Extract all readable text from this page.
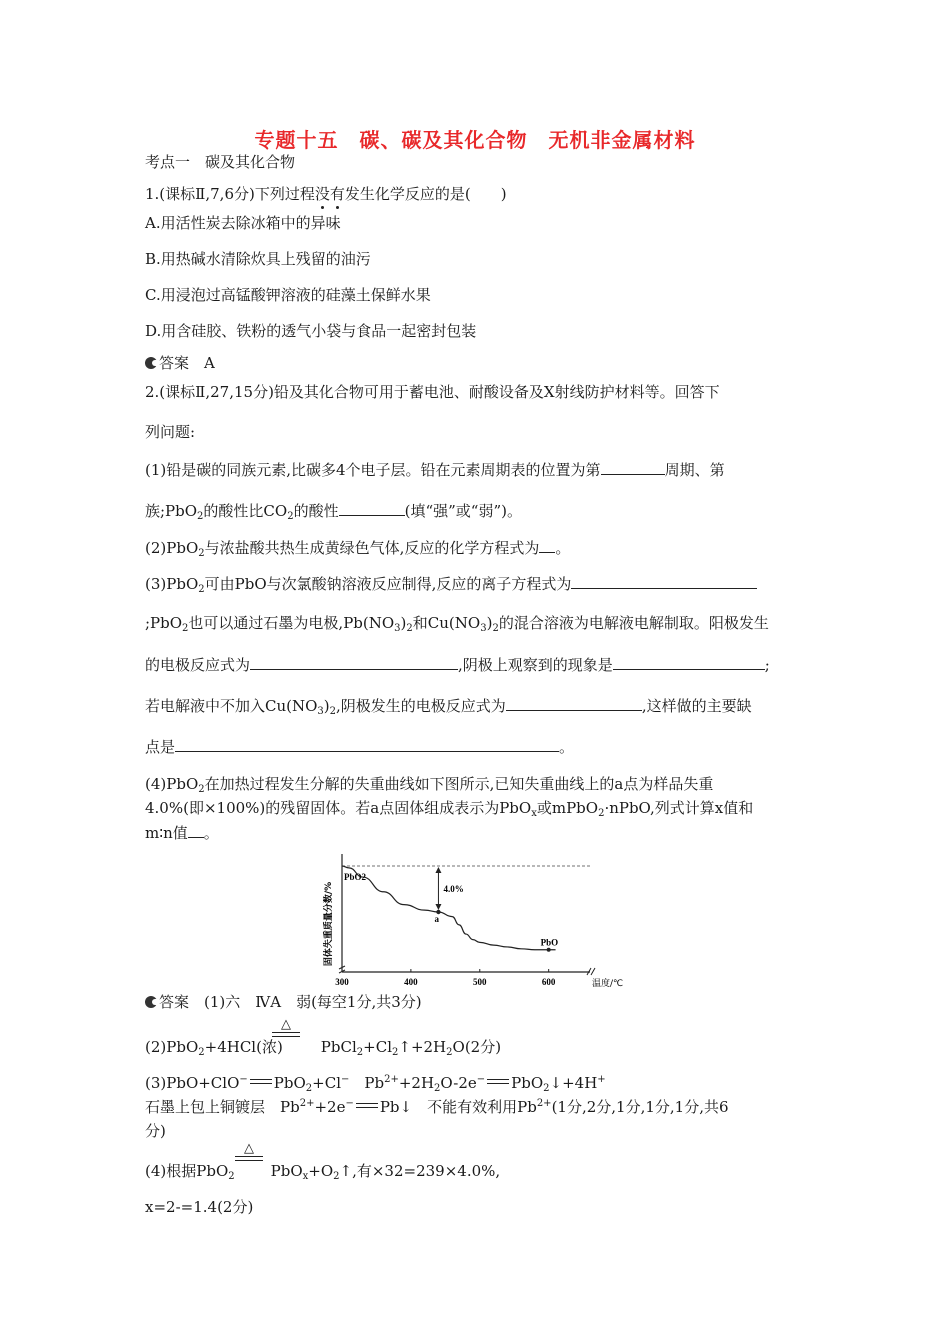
专题十五　碳、碳及其化合物　无机非金属材料
考点一　碳及其化合物
1.(课标Ⅱ,7,6分)下列过程没有发生化学反应的是(　　)
A.用活性炭去除冰箱中的异味
B.用热碱水清除炊具上残留的油污
C.用浸泡过高锰酸钾溶液的硅藻土保鲜水果
D.用含硅胶、铁粉的透气小袋与食品一起密封包装
答案　A
2.(课标Ⅱ,27,15分)铅及其化合物可用于蓄电池、耐酸设备及X射线防护材料等。回答下
列问题:
(1)铅是碳的同族元素,比碳多4个电子层。铅在元素周期表的位置为第	周期、第
族;PbO$_2$的酸性比$CO_2$的酸性	(填“强”或“弱”)。
(2)PbO$_2$与浓盐酸共热生成黄绿色气体,反应的化学方程式为 。
(3)PbO$_2$可由PbO与次氯酸钠溶液反应制得,反应的离子方程式为
;PbO$_2$也可以通过石墨为电极$,Pb(NO_3)_2$和$Cu(NO_3)_2$的混合溶液为电解液电解制取。阳极发生
的电极反应式为	,阴极上观察到的现象是	;
若电解液中不加入$Cu(NO_3)_2$,阴极发生的电极反应式为	,这样做的主要缺
点是	。
(4)PbO$_2$在加热过程发生分解的失重曲线如下图所示,已知失重曲线上的a点为样品失重
4.0%(即×100%)的残留固体。若a点固体组成表示为PbO$_x$或mPbO$_2$·nPbO,列式计算x值和
m∶n值 。
300	400	500	600	温度/℃
固体失重质量分数/%	a
4.0%
PbO2
PbO
答案　(1)六　ⅣA　弱(每空1分,共3分)
△
(2)PbO$_2$+4HCl(浓)	$PbCl_2+Cl_2↑+2H_2O(2$分)
(3)PbO+ClO− PbO$_2$+Cl−　$Pb^{2+}+2H_2O-2e^-$ PbO$_2$↓+4H+
石墨上包上铜镀层　$Pb^{2+}+2e^-$ Pb↓　不能有效利用$Pb^{2+}(1$分,2分,1分,1分,1分,共6
分)
△
(4)根据PbO$_2$ $PbO_x+O_2↑$,有×32=239×4.0%,
x=2-=1.4(2分)
